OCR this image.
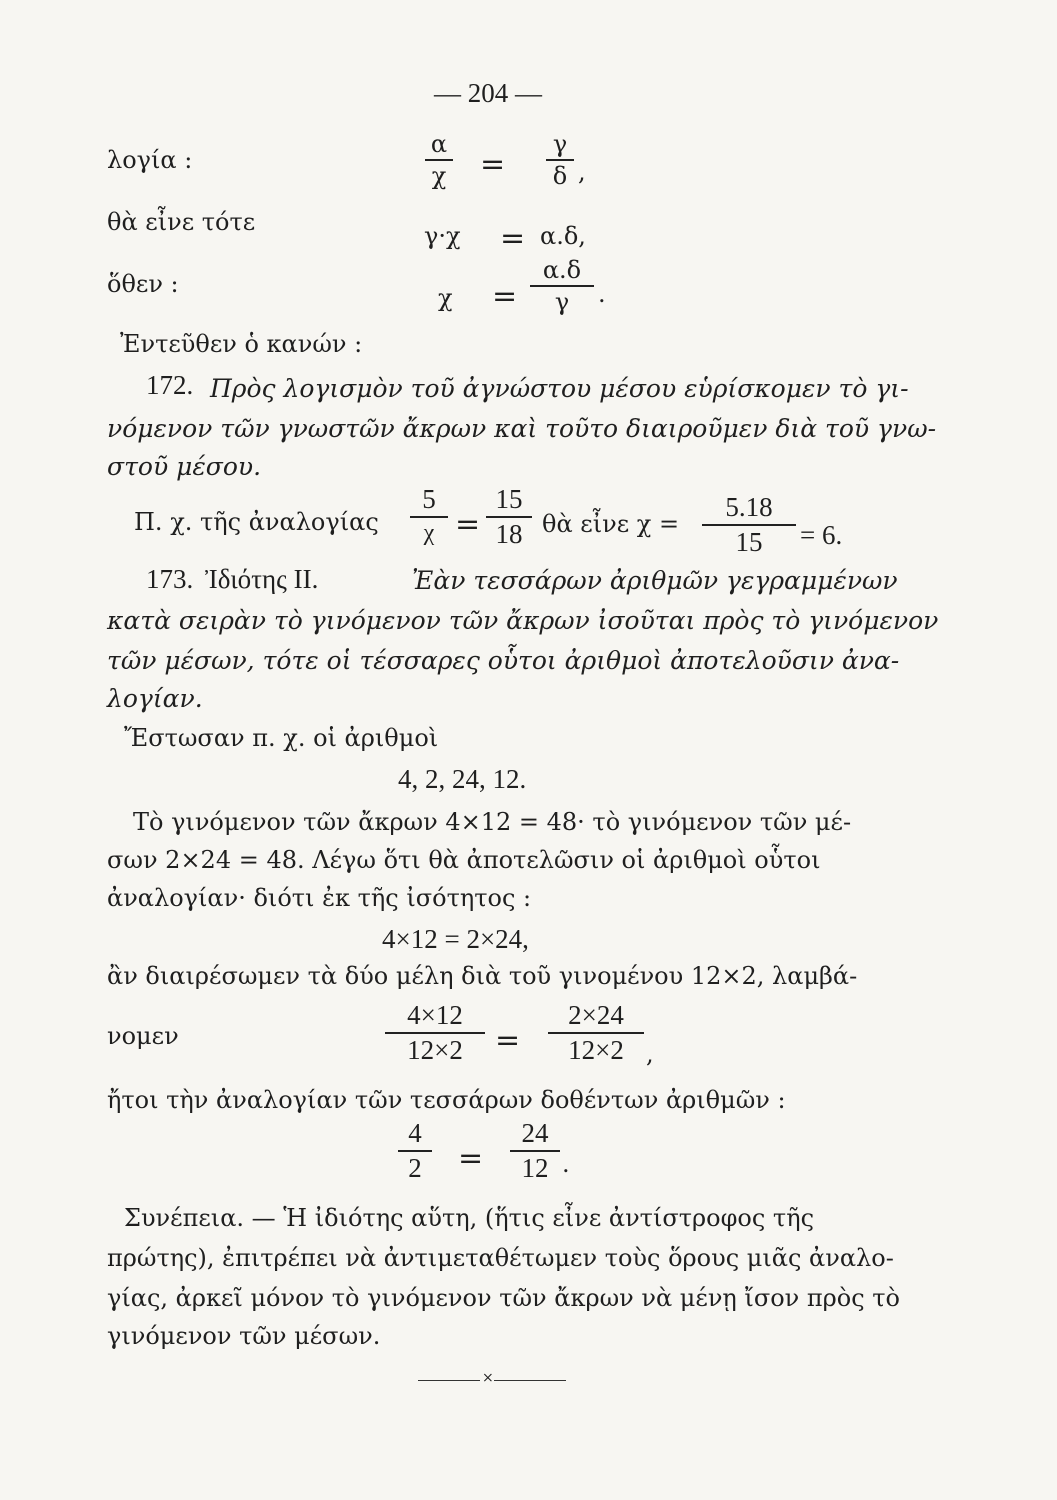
— 204 —
λογία :
α
χ =
γ
δ ,
θὰ εἶνε τότε	γ·χ = α.δ,
ὅθεν :	χ =
α.δ
γ	.
Ἐντεῦθεν ὁ κανών :
172. Πρὸς λογισμὸν τοῦ ἀγνώστου μέσου εὑρίσκομεν τὸ γι-
νόμενον τῶν γνωστῶν ἄκρων καὶ τοῦτο διαιροῦμεν διὰ τοῦ γνω-
στοῦ μέσου.
Π. χ. τῆς ἀναλογίας
5
χ =
15
18 θὰ εἶνε χ =
5.18
15	= 6.
173. Ἰδιότης II.	Ἐὰν τεσσάρων ἀριθμῶν γεγραμμένων
κατὰ σειρὰν τὸ γινόμενον τῶν ἄκρων ἰσοῦται πρὸς τὸ γινόμενον
τῶν μέσων, τότε οἱ τέσσαρες οὗτοι ἀριθμοὶ ἀποτελοῦσιν ἀνα-
λογίαν.
Ἔστωσαν π. χ. οἱ ἀριθμοὶ
4, 2, 24, 12.
Τὸ γινόμενον τῶν ἄκρων 4×12 = 48· τὸ γινόμενον τῶν μέ-
σων 2×24 = 48. Λέγω ὅτι θὰ ἀποτελῶσιν οἱ ἀριθμοὶ οὗτοι
ἀναλογίαν· διότι ἐκ τῆς ἰσότητος :
4×12 = 2×24,
ἂν διαιρέσωμεν τὰ δύο μέλη διὰ τοῦ γινομένου 12×2, λαμβά-
νομεν
4×12
12×2	=
2×24
12×2 ,
ἤτοι τὴν ἀναλογίαν τῶν τεσσάρων δοθέντων ἀριθμῶν :
4
2	=
24
12 .
Συνέπεια. — Ἡ ἰδιότης αὕτη, (ἥτις εἶνε ἀντίστροφος τῆς
πρώτης), ἐπιτρέπει νὰ ἀντιμεταθέτωμεν τοὺς ὅρους μιᾶς ἀναλο-
γίας, ἀρκεῖ μόνον τὸ γινόμενον τῶν ἄκρων νὰ μένῃ ἴσον πρὸς τὸ
γινόμενον τῶν μέσων.
×
